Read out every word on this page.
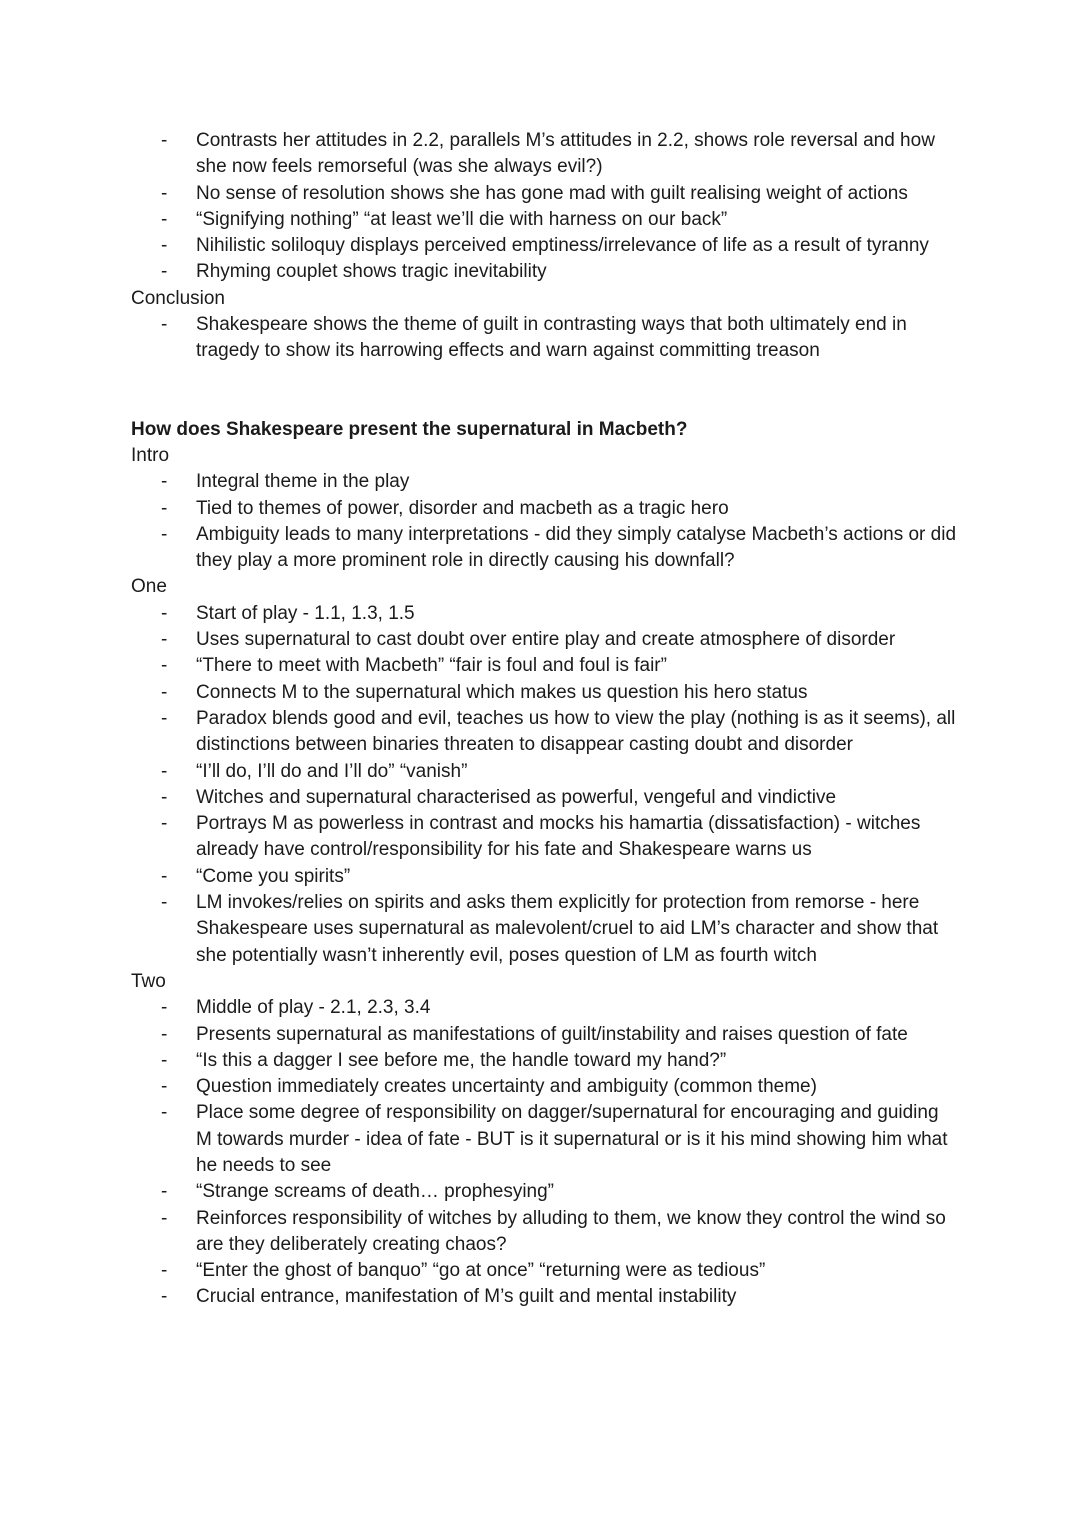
- Contrasts her attitudes in 2.2, parallels M’s attitudes in 2.2, shows role reversal and how she now feels remorseful (was she always evil?)
- No sense of resolution shows she has gone mad with guilt realising weight of actions
- “Signifying nothing” “at least we’ll die with harness on our back”
- Nihilistic soliloquy displays perceived emptiness/irrelevance of life as a result of tyranny
- Rhyming couplet shows tragic inevitability
Conclusion
- Shakespeare shows the theme of guilt in contrasting ways that both ultimately end in tragedy to show its harrowing effects and warn against committing treason
How does Shakespeare present the supernatural in Macbeth?
Intro
- Integral theme in the play
- Tied to themes of power, disorder and macbeth as a tragic hero
- Ambiguity leads to many interpretations - did they simply catalyse Macbeth’s actions or did they play a more prominent role in directly causing his downfall?
One
- Start of play - 1.1, 1.3, 1.5
- Uses supernatural to cast doubt over entire play and create atmosphere of disorder
- “There to meet with Macbeth” “fair is foul and foul is fair”
- Connects M to the supernatural which makes us question his hero status
- Paradox blends good and evil, teaches us how to view the play (nothing is as it seems), all distinctions between binaries threaten to disappear casting doubt and disorder
- “I’ll do, I’ll do and I’ll do” “vanish”
- Witches and supernatural characterised as powerful, vengeful and vindictive
- Portrays M as powerless in contrast and mocks his hamartia (dissatisfaction) - witches already have control/responsibility for his fate and Shakespeare warns us
- “Come you spirits”
- LM invokes/relies on spirits and asks them explicitly for protection from remorse - here Shakespeare uses supernatural as malevolent/cruel to aid LM’s character and show that she potentially wasn’t inherently evil, poses question of LM as fourth witch
Two
- Middle of play - 2.1, 2.3, 3.4
- Presents supernatural as manifestations of guilt/instability and raises question of fate
- “Is this a dagger I see before me, the handle toward my hand?”
- Question immediately creates uncertainty and ambiguity (common theme)
- Place some degree of responsibility on dagger/supernatural for encouraging and guiding M towards murder - idea of fate - BUT is it supernatural or is it his mind showing him what he needs to see
- “Strange screams of death… prophesying”
- Reinforces responsibility of witches by alluding to them, we know they control the wind so are they deliberately creating chaos?
- “Enter the ghost of banquo” “go at once” “returning were as tedious”
- Crucial entrance, manifestation of M’s guilt and mental instability
